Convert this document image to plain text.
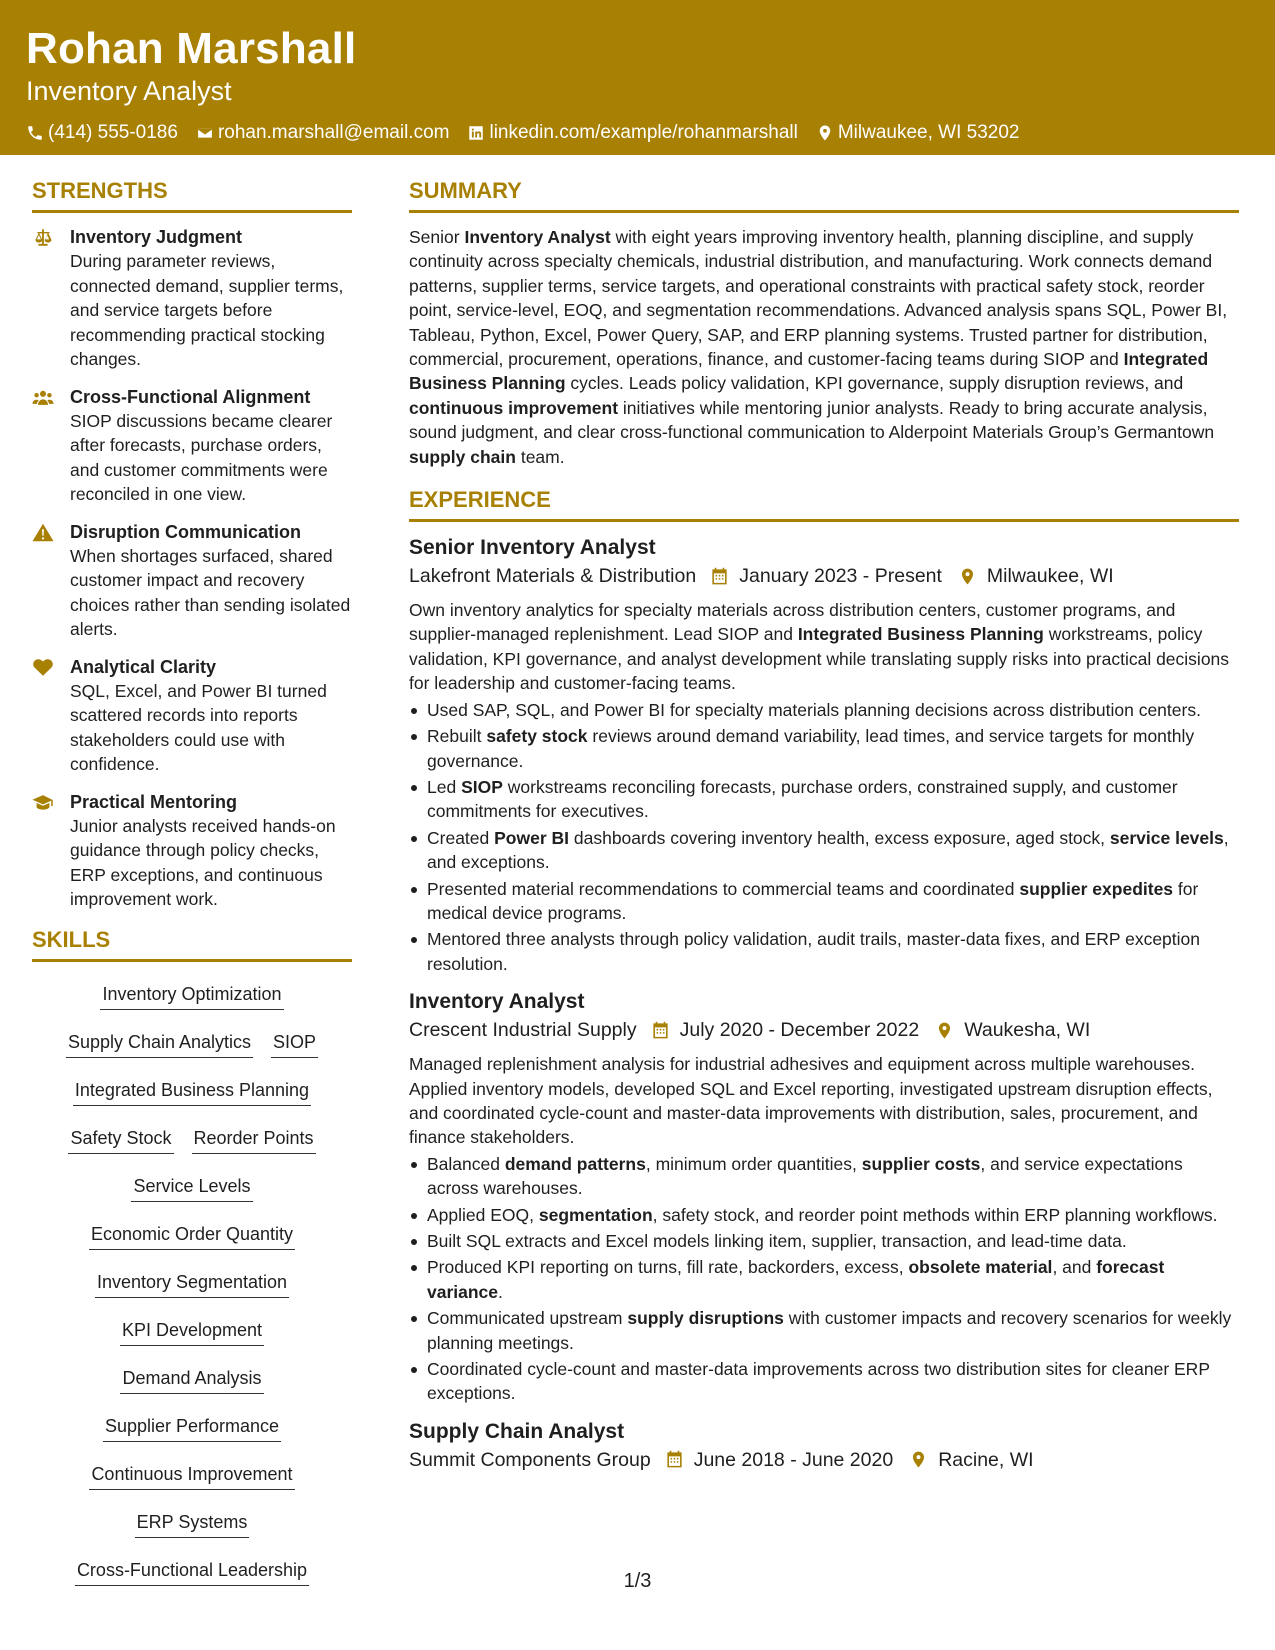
Rohan Marshall
Inventory Analyst
(414) 555-0186 rohan.marshall@email.com linkedin.com/example/rohanmarshall Milwaukee, WI 53202
STRENGTHS
Inventory Judgment
During parameter reviews, connected demand, supplier terms, and service targets before recommending practical stocking changes.
Cross-Functional Alignment
SIOP discussions became clearer after forecasts, purchase orders, and customer commitments were reconciled in one view.
Disruption Communication
When shortages surfaced, shared customer impact and recovery choices rather than sending isolated alerts.
Analytical Clarity
SQL, Excel, and Power BI turned scattered records into reports stakeholders could use with confidence.
Practical Mentoring
Junior analysts received hands-on guidance through policy checks, ERP exceptions, and continuous improvement work.
SKILLS
Inventory Optimization
Supply Chain Analytics SIOP
Integrated Business Planning
Safety Stock Reorder Points
Service Levels
Economic Order Quantity
Inventory Segmentation
KPI Development
Demand Analysis
Supplier Performance
Continuous Improvement
ERP Systems
Cross-Functional Leadership
SUMMARY
Senior Inventory Analyst with eight years improving inventory health, planning discipline, and supply continuity across specialty chemicals, industrial distribution, and manufacturing. Work connects demand patterns, supplier terms, service targets, and operational constraints with practical safety stock, reorder point, service-level, EOQ, and segmentation recommendations. Advanced analysis spans SQL, Power BI, Tableau, Python, Excel, Power Query, SAP, and ERP planning systems. Trusted partner for distribution, commercial, procurement, operations, finance, and customer-facing teams during SIOP and Integrated Business Planning cycles. Leads policy validation, KPI governance, supply disruption reviews, and continuous improvement initiatives while mentoring junior analysts. Ready to bring accurate analysis, sound judgment, and clear cross-functional communication to Alderpoint Materials Group’s Germantown supply chain team.
EXPERIENCE
Senior Inventory Analyst
Lakefront Materials & Distribution January 2023 - Present Milwaukee, WI
Own inventory analytics for specialty materials across distribution centers, customer programs, and supplier-managed replenishment. Lead SIOP and Integrated Business Planning workstreams, policy validation, KPI governance, and analyst development while translating supply risks into practical decisions for leadership and customer-facing teams.
Used SAP, SQL, and Power BI for specialty materials planning decisions across distribution centers.
Rebuilt safety stock reviews around demand variability, lead times, and service targets for monthly governance.
Led SIOP workstreams reconciling forecasts, purchase orders, constrained supply, and customer commitments for executives.
Created Power BI dashboards covering inventory health, excess exposure, aged stock, service levels, and exceptions.
Presented material recommendations to commercial teams and coordinated supplier expedites for medical device programs.
Mentored three analysts through policy validation, audit trails, master-data fixes, and ERP exception resolution.
Inventory Analyst
Crescent Industrial Supply July 2020 - December 2022 Waukesha, WI
Managed replenishment analysis for industrial adhesives and equipment across multiple warehouses. Applied inventory models, developed SQL and Excel reporting, investigated upstream disruption effects, and coordinated cycle-count and master-data improvements with distribution, sales, procurement, and finance stakeholders.
Balanced demand patterns, minimum order quantities, supplier costs, and service expectations across warehouses.
Applied EOQ, segmentation, safety stock, and reorder point methods within ERP planning workflows.
Built SQL extracts and Excel models linking item, supplier, transaction, and lead-time data.
Produced KPI reporting on turns, fill rate, backorders, excess, obsolete material, and forecast variance.
Communicated upstream supply disruptions with customer impacts and recovery scenarios for weekly planning meetings.
Coordinated cycle-count and master-data improvements across two distribution sites for cleaner ERP exceptions.
Supply Chain Analyst
Summit Components Group June 2018 - June 2020 Racine, WI
1/3
